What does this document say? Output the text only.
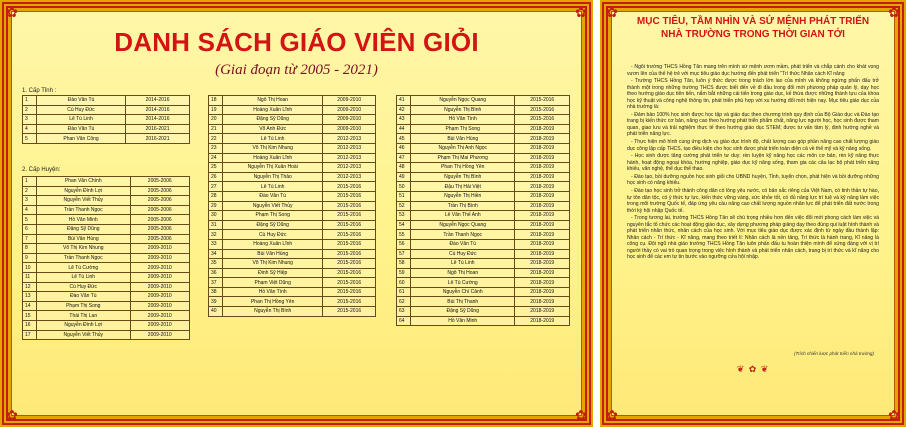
✿	✿
✿	✿
DANH SÁCH GIÁO VIÊN GIỎI
(Giai đoạn từ 2005 - 2021)
1. Cấp Tỉnh :
1	Đào Văn Tú	2014-2016
2	Cù Huy Đức	2014-2016
3	Lê Tú Linh	2014-2016
4	Đào Văn Tú	2016-2021
5	Phan Văn Công	2016-2021
2. Cấp Huyện:
1	Phan Văn Chính	2005-2006
2	Nguyễn Đình Lợi	2005-2006
3	Nguyễn Viết Thủy	2005-2006
4	Trần Thanh Ngọc	2005-2006
5	Hồ Văn Minh	2005-2006
6	Đặng Sỹ Dũng	2005-2006
7	Bùi Văn Hùng	2005-2006
8	Võ Thị Kim Nhung	2009-2010
9	Trần Thanh Ngọc	2009-2010
10	Lê Tú Cường	2009-2010
11	Lê Tú Linh	2009-2010
12	Cù Huy Đức	2009-2010
13	Đào Văn Tú	2009-2010
14	Phạm Thị Song	2009-2010
15	Thái Thị Lan	2009-2010
16	Nguyễn Đình Lợi	2009-2010
17	Nguyễn Viết Thủy	2009-2010
18	Ngô Thị Hoan	2009-2010
19	Hoàng Xuân Lĩnh	2009-2010
20	Đặng Sỹ Dũng	2009-2010
21	Võ Anh Đức	2009-2010
22	Lê Tú Linh	2012-2013
23	Võ Thị Kim Nhung	2012-2013
24	Hoàng Xuân Lĩnh	2012-2013
25	Nguyễn Thị Xuân Hoài	2012-2013
26	Nguyễn Thị Thảo	2012-2013
27	Lê Tú Linh	2015-2016
28	Đào Văn Tú	2015-2016
29	Nguyễn Viết Thủy	2015-2016
30	Phạm Thị Song	2015-2016
31	Đặng Sỹ Dũng	2015-2016
32	Cù Huy Đức	2015-2016
33	Hoàng Xuân Lĩnh	2015-2016
34	Bùi Văn Hùng	2015-2016
35	Võ Thị Kim Nhung	2015-2016
36	Đinh Sỹ Hiệp	2015-2016
37	Phạm Việt Dũng	2015-2016
38	Hồ Văn Tình	2015-2016
39	Phan Thị Hồng Yên	2015-2016
40	Nguyễn Thị Bình	2015-2016
41	Nguyễn Ngọc Quang	2015-2016
42	Nguyễn Thị Bình	2015-2016
43	Hồ Văn Tình	2015-2016
44	Phạm Thị Song	2018-2019
45	Bùi Văn Hùng	2018-2019
46	Nguyễn Thị Anh Ngọc	2018-2019
47	Phạm Thị Mai Phương	2018-2019
48	Phan Thị Hồng Yên	2018-2019
49	Nguyễn Thị Bình	2018-2019
50	Đậu Thị Hải Việt	2018-2019
51	Nguyễn Thị Hiền	2018-2019
52	Trần Thị Bình	2018-2019
53	Lê Văn Thế Anh	2018-2019
54	Nguyễn Ngọc Quang	2018-2019
55	Trần Thanh Ngọc	2018-2019
56	Đào Văn Tú	2018-2019
57	Cù Huy Đức	2018-2019
58	Lê Tú Linh	2018-2019
59	Ngô Thị Hoan	2018-2019
60	Lê Tú Cường	2018-2019
61	Nguyễn Chí Cảnh	2018-2019
62	Bùi Thị Thanh	2018-2019
63	Đặng Sỹ Dũng	2018-2019
64	Hồ Văn Minh	2018-2019
✿	✿
✿	✿
MỤC TIÊU, TẦM NHÌN VÀ SỨ MỆNH PHÁT TRIỂN
NHÀ TRƯỜNG TRONG THỜI GIAN TỚI

- Ngôi trường THCS Hồng Tân mang trên mình sứ mệnh ươm mầm, phát triển và chắp cánh cho khát vọng vươn lên của thế hệ trẻ với mục tiêu giáo dục hướng đến phát triển "Trí thức Nhân cách Kĩ năng

- Trường THCS Hồng Tân, luôn ý thức được trong trách lớn lao của mình và không ngừng phấn đấu trở thành một trong những trường THCS được biết đến về đi đầu trong đổi mới phương pháp quản lý, dạy học theo hướng giáo dục tiên tiến, nắm bắt những cái tiến trong giáo dục, kế thừa được những thành tựu của khoa học kỹ thuật và công nghệ thông tin, phát triển phù hợp với xu hướng đổi mới hiện nay. Mục tiêu giáo dục của nhà trường là:

- Đảm bảo 100% học sinh được học tập và giáo dục theo chương trình quy định của Bộ Giáo dục và Đào tạo trang bị kiến thức cơ bản, năng cao theo hướng phát triển phẩm chất, năng lực người học, học sinh được tham quan, giao lưu và trải nghiệm thực tế theo hướng giáo dục STEM; được tư vấn tâm lý, định hướng nghề và phát triển năng lực.

- Thực hiện mô hình cung ứng dịch vụ giáo dục trình độ, chất lượng cao góp phần nâng cao chất lượng giáo dục công lập cấp THCS, tạo điều kiện cho học sinh được phát triển toàn diện cả về thể mỹ và kỹ năng sống.

- Học sinh được tăng cường phát triển tư duy: rèn luyện kỹ năng học các môn cơ bản, rèn kỹ năng thực hành, hoạt động ngoại khóa, hướng nghiệp, giáo dục kỹ năng sống, tham gia các câu lạc bộ phát triển năng khiếu, văn nghệ, thể dục thể thao.

- Đào tạo, bồi dưỡng nguồn học sinh giỏi cho UBND huyện, Tỉnh, tuyển chọn, phát hiện và bồi dưỡng những học sinh có năng khiếu.

- Đào tạo học sinh trở thành công dân có lòng yêu nước, có bản sắc riêng của Việt Nam, có tinh thần tự hào, tự tôn dân tộc, có ý thức tự lực, kiến thức vững vàng, sức khỏe tốt, có đủ năng lực trí tuệ và kỹ năng làm việc trong môi trường Quốc tế, đáp ứng yêu cầu nâng cao chất lượng nguồn nhân lực để phát triển đất nước trong thời kỳ hội nhập Quốc tế.

- Trong tương lai, trường THCS Hồng Tân sẽ chú trọng nhiều hơn đến việc đổi mới phong cách làm việc và nguyên tắc tổ chức các hoạt động giáo dục, xây dựng phương pháp giảng dạy theo đúng qui luật hình thành và phát triển nhân thức, nhân cách của học sinh. Với mục tiêu giáo dục được xác định từ ngày đầu thành lập: Nhân cách - Trí thức - Kĩ năng, mang theo triết lí: Nhân cách là nền tảng, Trí thức là hành trang, Kĩ năng là công cụ. Đội ngũ nhà giáo trường THCS Hồng Tân luôn phấn đấu tu hoàn thiện mình để xứng đáng với vị trí người thầy có vai trò quan trọng trong việc hình thành và phát triển nhân cách, trang bị trí thức và kĩ năng cho học sinh để các em tự tin bước vào ngưỡng cửa hội nhập.

(Trích chiến lược phát triển nhà trường)
❦ ✿ ❦
